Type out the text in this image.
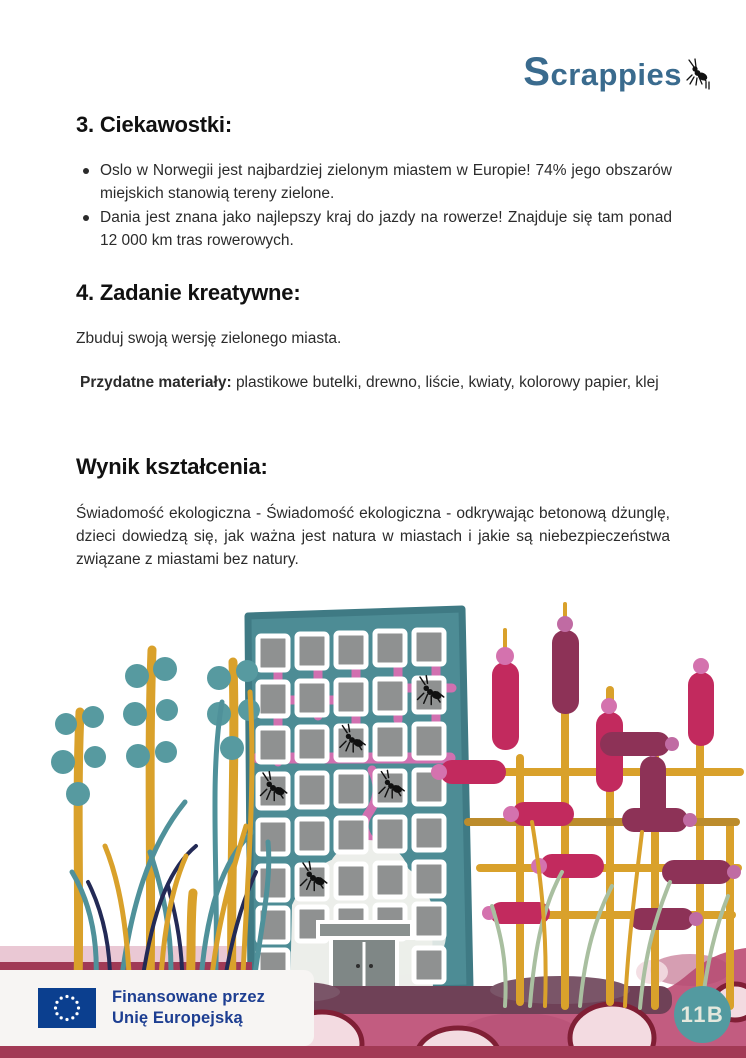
Scrappies
3. Ciekawostki:
Oslo w Norwegii jest najbardziej zielonym miastem w Europie! 74% jego obszarów miejskich stanowią tereny zielone.
Dania jest znana jako najlepszy kraj do jazdy na rowerze! Znajduje się tam ponad 12 000 km tras rowerowych.
4. Zadanie kreatywne:

Zbuduj swoją wersję zielonego miasta.

Przydatne materiały: plastikowe butelki, drewno, liście, kwiaty, kolorowy papier, klej

Wynik kształcenia:

Świadomość ekologiczna - Świadomość ekologiczna - odkrywając betonową dżunglę, dzieci dowiedzą się, jak ważna jest natura w miastach i jakie są niebezpieczeństwa związane z miastami bez natury.

Finansowane przez
Unię Europejską	11B
